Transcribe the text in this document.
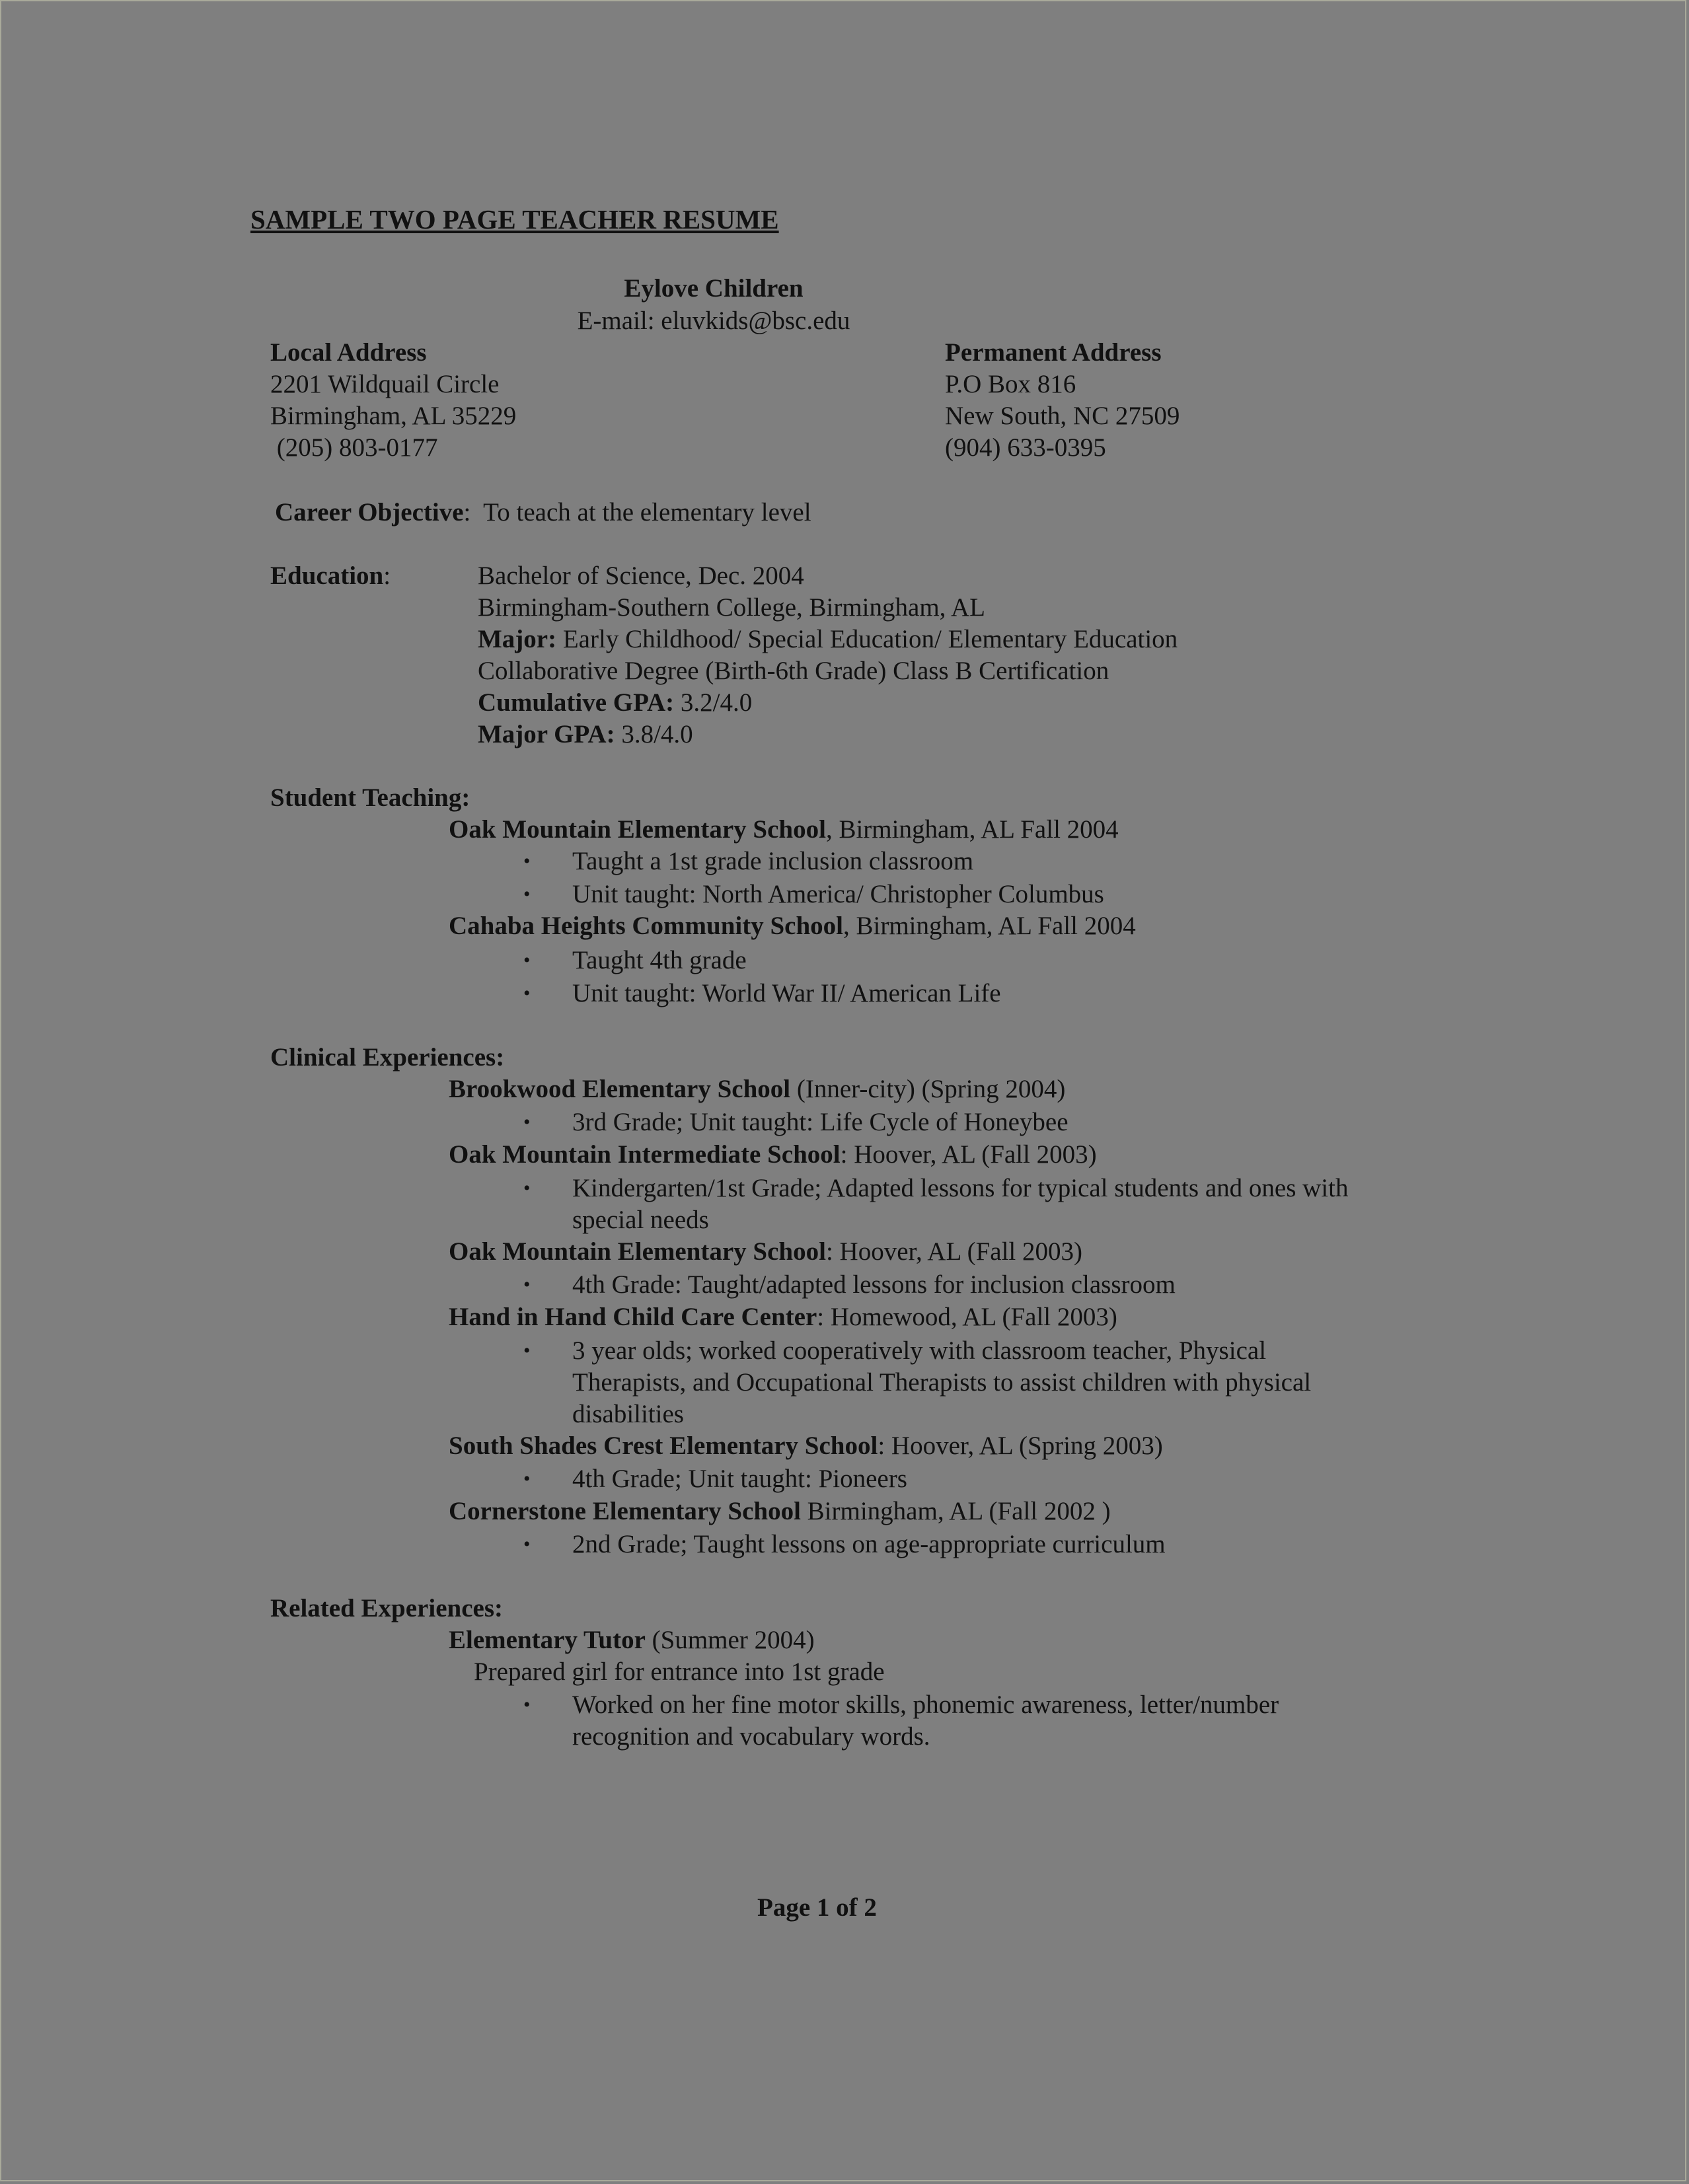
SAMPLE TWO PAGE TEACHER RESUME
Eylove Children
E-mail: eluvkids@bsc.edu
Local Address
2201 Wildquail Circle
Birmingham, AL 35229
(205) 803-0177
Permanent Address
P.O Box 816
New South, NC 27509
(904) 633-0395
Career Objective:  To teach at the elementary level
Education:	Bachelor of Science, Dec. 2004
Birmingham-Southern College, Birmingham, AL
Major: Early Childhood/ Special Education/ Elementary Education
Collaborative Degree (Birth-6th Grade) Class B Certification
Cumulative GPA: 3.2/4.0
Major GPA: 3.8/4.0
Student Teaching:
Oak Mountain Elementary School, Birmingham, AL Fall 2004
• Taught a 1st grade inclusion classroom
• Unit taught: North America/ Christopher Columbus
Cahaba Heights Community School, Birmingham, AL Fall 2004
• Taught 4th grade
• Unit taught: World War II/ American Life
Clinical Experiences:
Brookwood Elementary School (Inner-city) (Spring 2004)
• 3rd Grade; Unit taught: Life Cycle of Honeybee
Oak Mountain Intermediate School: Hoover, AL (Fall 2003)
• Kindergarten/1st Grade; Adapted lessons for typical students and ones with
special needs
Oak Mountain Elementary School: Hoover, AL (Fall 2003)
• 4th Grade: Taught/adapted lessons for inclusion classroom
Hand in Hand Child Care Center: Homewood, AL (Fall 2003)
• 3 year olds; worked cooperatively with classroom teacher, Physical
Therapists, and Occupational Therapists to assist children with physical
disabilities
South Shades Crest Elementary School: Hoover, AL (Spring 2003)
• 4th Grade; Unit taught: Pioneers
Cornerstone Elementary School Birmingham, AL (Fall 2002 )
• 2nd Grade; Taught lessons on age-appropriate curriculum
Related Experiences:
Elementary Tutor (Summer 2004)
Prepared girl for entrance into 1st grade
• Worked on her fine motor skills, phonemic awareness, letter/number
recognition and vocabulary words.
Page 1 of 2
